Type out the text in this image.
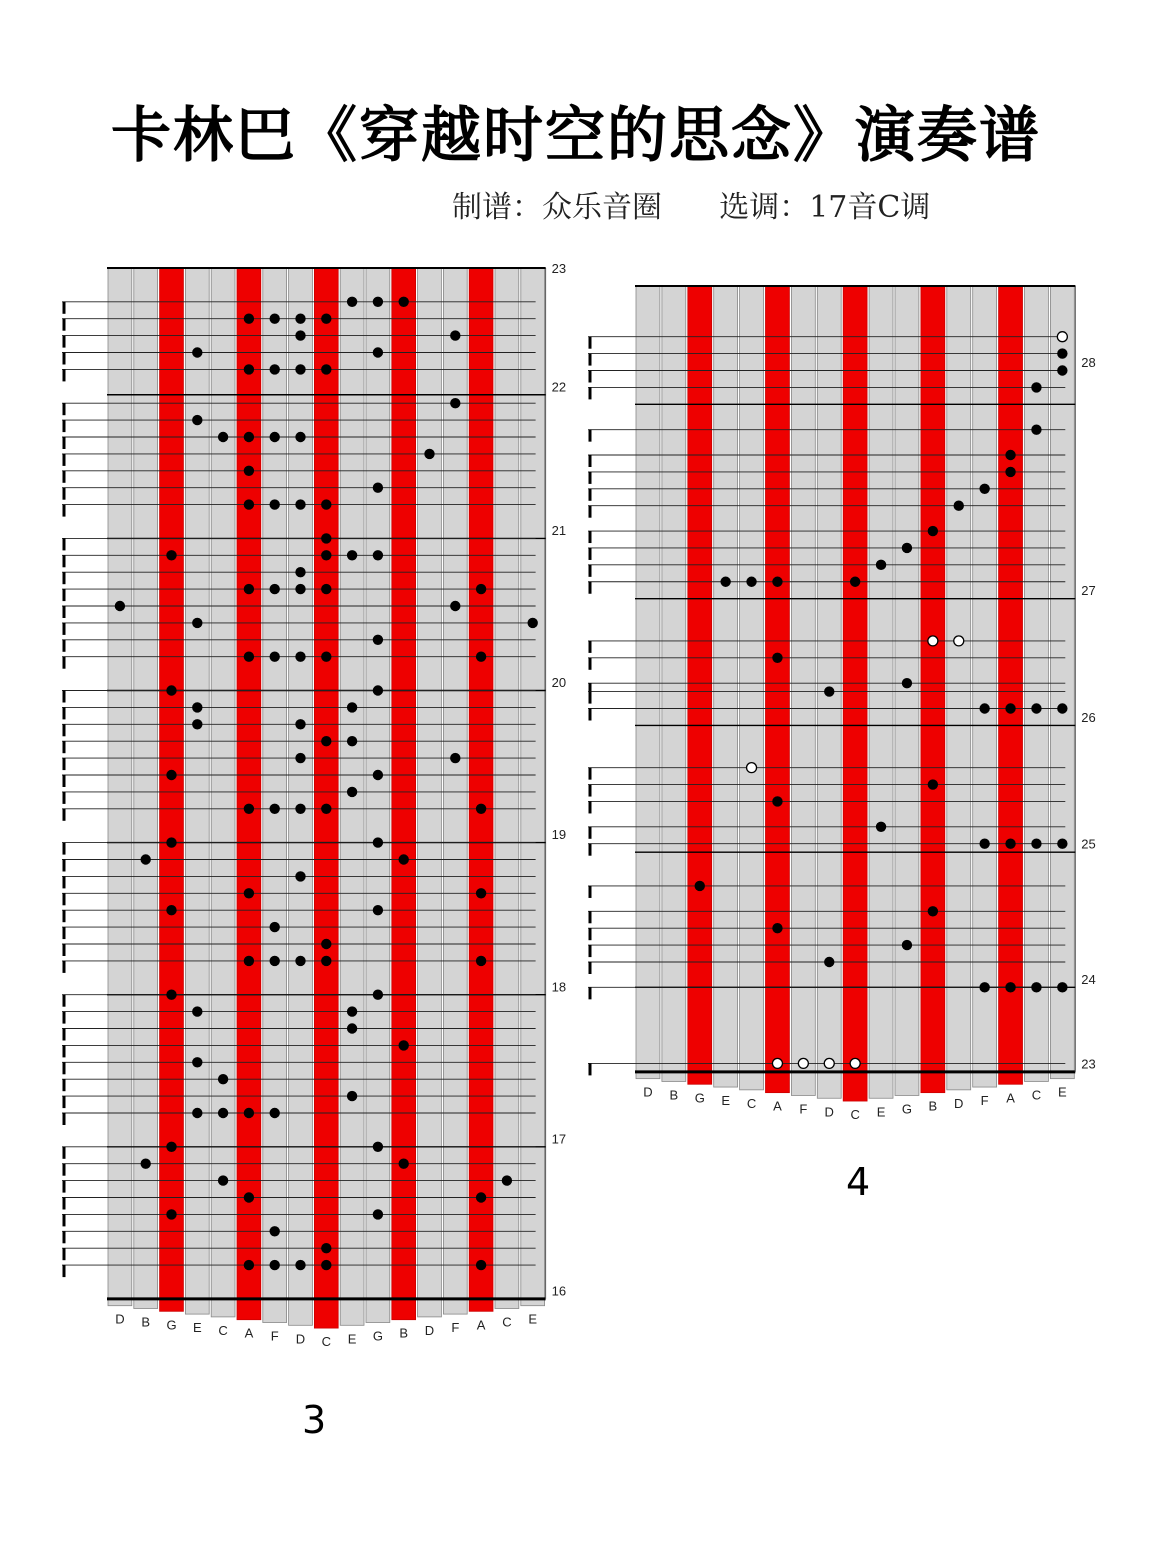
卡林巴《穿越时空的思念》演奏谱
制谱：众乐音圈 选调：17音C调
D B G E C A F D C E G B D F A C E
23
22
21
20
19
18
17
16
D B G E C A F D C E G B D F A C E
28
27
26
25
24
23
3
4
